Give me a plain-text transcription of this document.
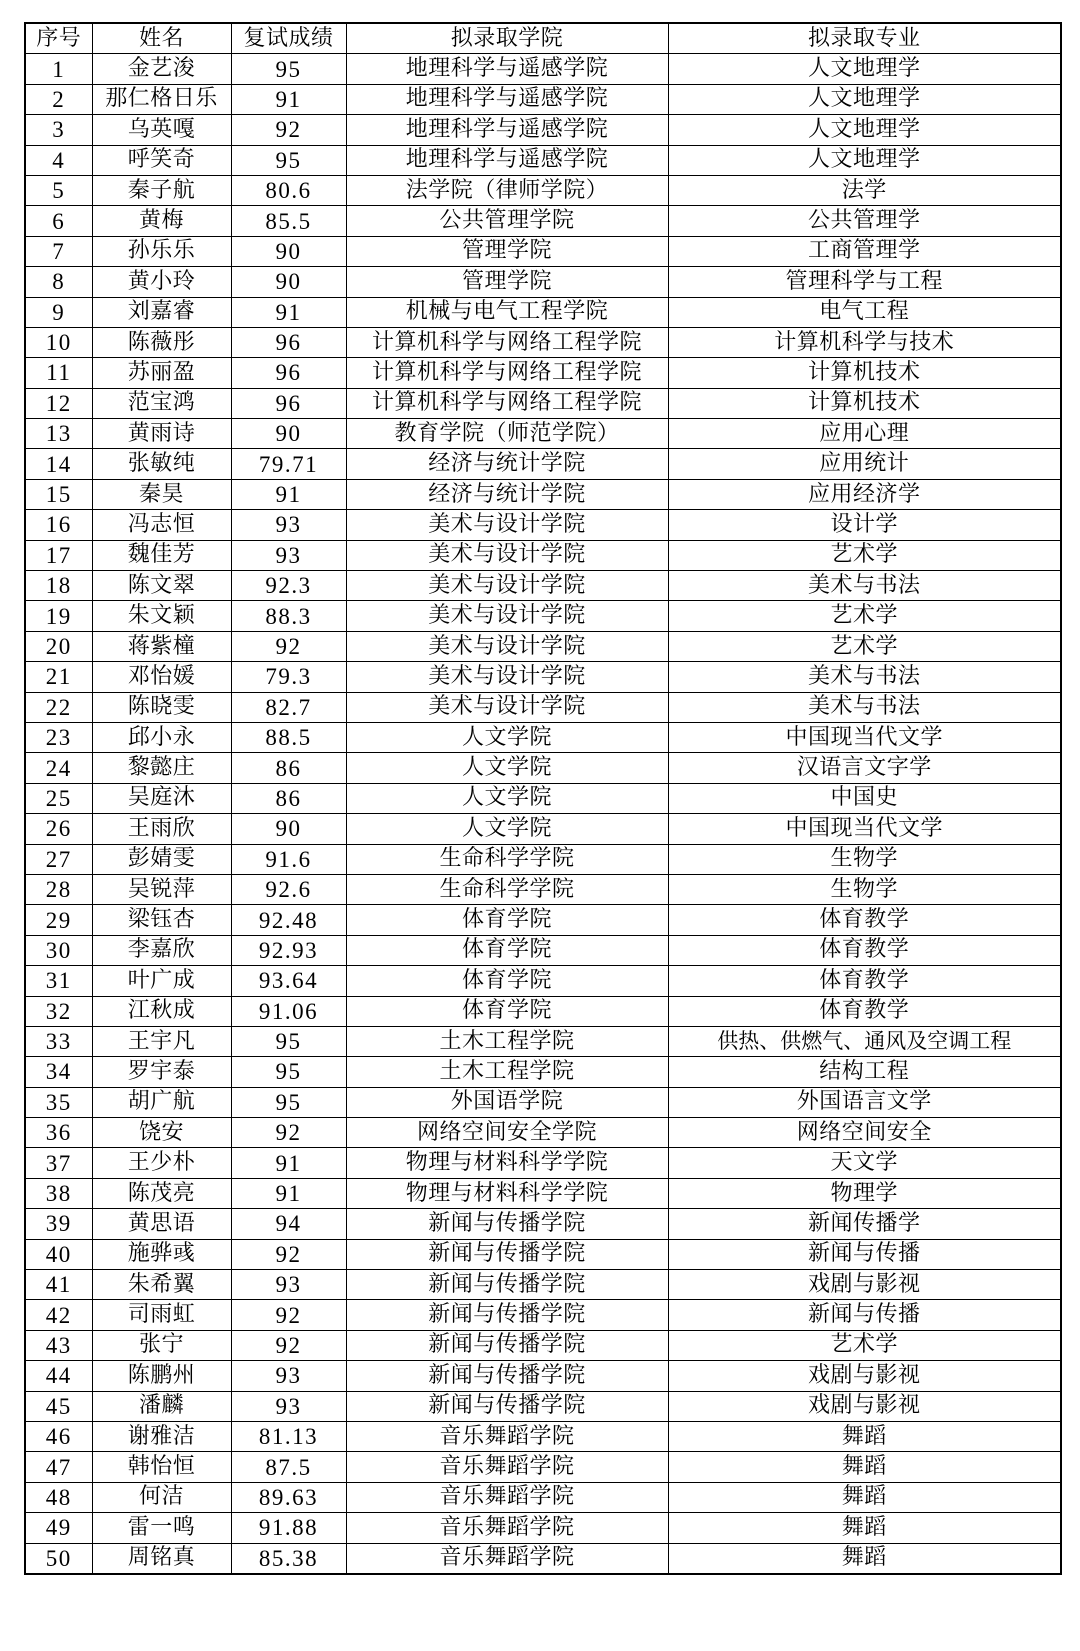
序号	姓名	复试成绩	拟录取学院	拟录取专业
1	金艺浚	95	地理科学与遥感学院	人文地理学
2	那仁格日乐	91	地理科学与遥感学院	人文地理学
3	乌英嘎	92	地理科学与遥感学院	人文地理学
4	呼笑奇	95	地理科学与遥感学院	人文地理学
5	秦子航	80.6	法学院（律师学院）	法学
6	黄梅	85.5	公共管理学院	公共管理学
7	孙乐乐	90	管理学院	工商管理学
8	黄小玲	90	管理学院	管理科学与工程
9	刘嘉睿	91	机械与电气工程学院	电气工程
10	陈薇彤	96	计算机科学与网络工程学院	计算机科学与技术
11	苏丽盈	96	计算机科学与网络工程学院	计算机技术
12	范宝鸿	96	计算机科学与网络工程学院	计算机技术
13	黄雨诗	90	教育学院（师范学院）	应用心理
14	张敏纯	79.71	经济与统计学院	应用统计
15	秦昊	91	经济与统计学院	应用经济学
16	冯志恒	93	美术与设计学院	设计学
17	魏佳芳	93	美术与设计学院	艺术学
18	陈文翠	92.3	美术与设计学院	美术与书法
19	朱文颖	88.3	美术与设计学院	艺术学
20	蒋紫橦	92	美术与设计学院	艺术学
21	邓怡媛	79.3	美术与设计学院	美术与书法
22	陈晓雯	82.7	美术与设计学院	美术与书法
23	邱小永	88.5	人文学院	中国现当代文学
24	黎懿庄	86	人文学院	汉语言文字学
25	吴庭沐	86	人文学院	中国史
26	王雨欣	90	人文学院	中国现当代文学
27	彭婧雯	91.6	生命科学学院	生物学
28	吴锐萍	92.6	生命科学学院	生物学
29	梁钰杏	92.48	体育学院	体育教学
30	李嘉欣	92.93	体育学院	体育教学
31	叶广成	93.64	体育学院	体育教学
32	江秋成	91.06	体育学院	体育教学
33	王宇凡	95	土木工程学院	供热、供燃气、通风及空调工程
34	罗宇泰	95	土木工程学院	结构工程
35	胡广航	95	外国语学院	外国语言文学
36	饶安	92	网络空间安全学院	网络空间安全
37	王少朴	91	物理与材料科学学院	天文学
38	陈茂亮	91	物理与材料科学学院	物理学
39	黄思语	94	新闻与传播学院	新闻传播学
40	施骅彧	92	新闻与传播学院	新闻与传播
41	朱希翼	93	新闻与传播学院	戏剧与影视
42	司雨虹	92	新闻与传播学院	新闻与传播
43	张宁	92	新闻与传播学院	艺术学
44	陈鹏州	93	新闻与传播学院	戏剧与影视
45	潘麟	93	新闻与传播学院	戏剧与影视
46	谢雅洁	81.13	音乐舞蹈学院	舞蹈
47	韩怡恒	87.5	音乐舞蹈学院	舞蹈
48	何洁	89.63	音乐舞蹈学院	舞蹈
49	雷一鸣	91.88	音乐舞蹈学院	舞蹈
50	周铭真	85.38	音乐舞蹈学院	舞蹈
